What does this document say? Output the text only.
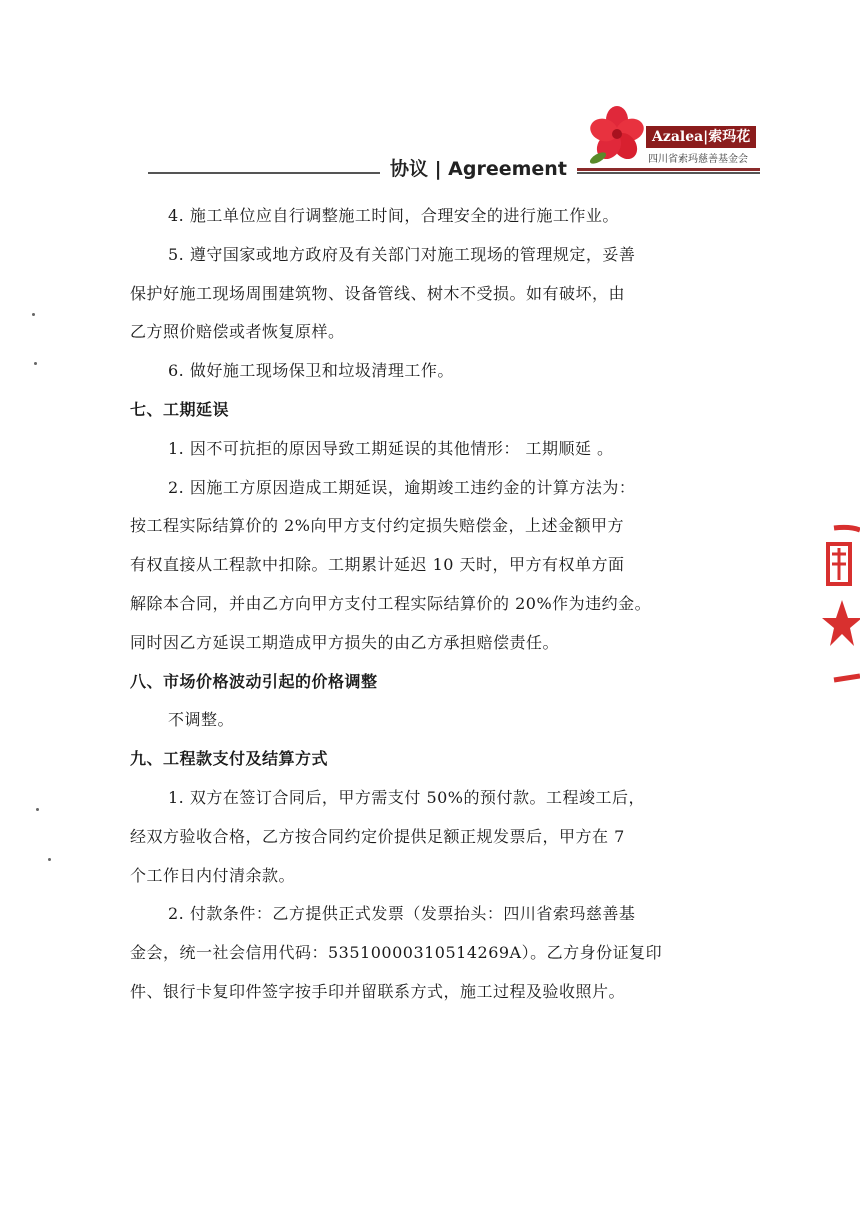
协议 | Agreement
Azalea|索玛花
四川省索玛慈善基金会
4. 施工单位应自行调整施工时间，合理安全的进行施工作业。
5. 遵守国家或地方政府及有关部门对施工现场的管理规定，妥善
保护好施工现场周围建筑物、设备管线、树木不受损。如有破坏，由
乙方照价赔偿或者恢复原样。
6. 做好施工现场保卫和垃圾清理工作。
七、工期延误
1. 因不可抗拒的原因导致工期延误的其他情形： 工期顺延 。
2. 因施工方原因造成工期延误，逾期竣工违约金的计算方法为：
按工程实际结算价的 2%向甲方支付约定损失赔偿金，上述金额甲方
有权直接从工程款中扣除。工期累计延迟 10 天时，甲方有权单方面
解除本合同，并由乙方向甲方支付工程实际结算价的 20%作为违约金。
同时因乙方延误工期造成甲方损失的由乙方承担赔偿责任。
八、市场价格波动引起的价格调整
不调整。
九、工程款支付及结算方式
1. 双方在签订合同后，甲方需支付 50%的预付款。工程竣工后，
经双方验收合格，乙方按合同约定价提供足额正规发票后，甲方在 7
个工作日内付清余款。
2. 付款条件：乙方提供正式发票（发票抬头：四川省索玛慈善基
金会，统一社会信用代码：53510000310514269A）。乙方身份证复印
件、银行卡复印件签字按手印并留联系方式，施工过程及验收照片。
